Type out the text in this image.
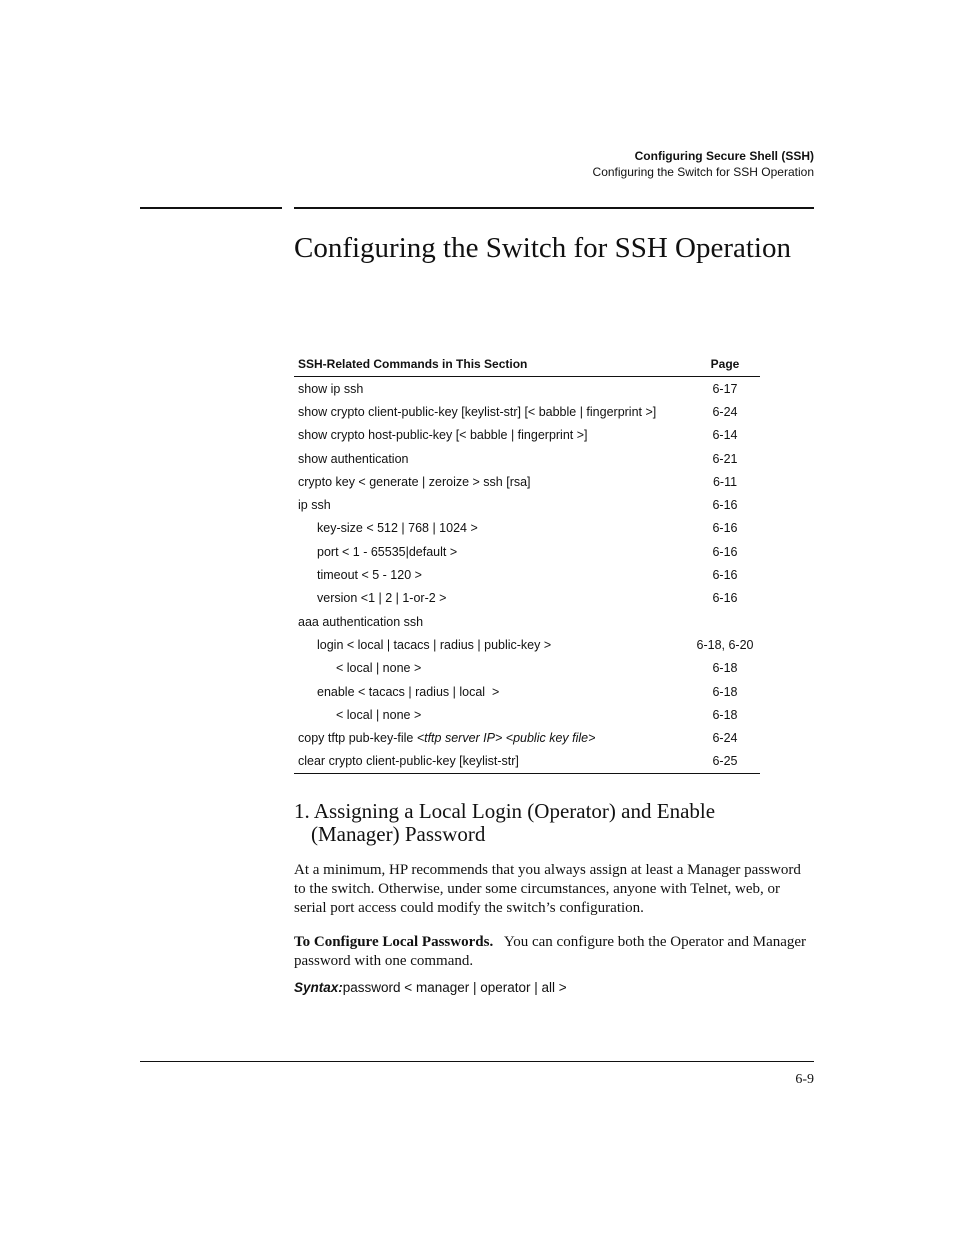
Configuring Secure Shell (SSH)
Configuring the Switch for SSH Operation
Configuring the Switch for SSH Operation
SSH-Related Commands in This Section	Page
show ip ssh	6-17
show crypto client-public-key [keylist-str] [< babble | fingerprint >]	6-24
show crypto host-public-key [< babble | fingerprint >]	6-14
show authentication	6-21
crypto key < generate | zeroize > ssh [rsa]	6-11
ip ssh	6-16
key-size < 512 | 768 | 1024 >	6-16
port < 1 - 65535|default >	6-16
timeout < 5 - 120 >	6-16
version <1 | 2 | 1-or-2 >	6-16
aaa authentication ssh
login < local | tacacs | radius | public-key >	6-18, 6-20
< local | none >	6-18
enable < tacacs | radius | local  >	6-18
< local | none >	6-18
copy tftp pub-key-file <tftp server IP> <public key file>	6-24
clear crypto client-public-key [keylist-str]	6-25
1. Assigning a Local Login (Operator) and Enable
(Manager) Password

At a minimum, HP recommends that you always assign at least a Manager password to the switch. Otherwise, under some circumstances, anyone with Telnet, web, or serial port access could modify the switch’s configuration.

To Configure Local Passwords. You can configure both the Operator and Manager password with one command.

Syntax:password < manager | operator | all >
6-9
